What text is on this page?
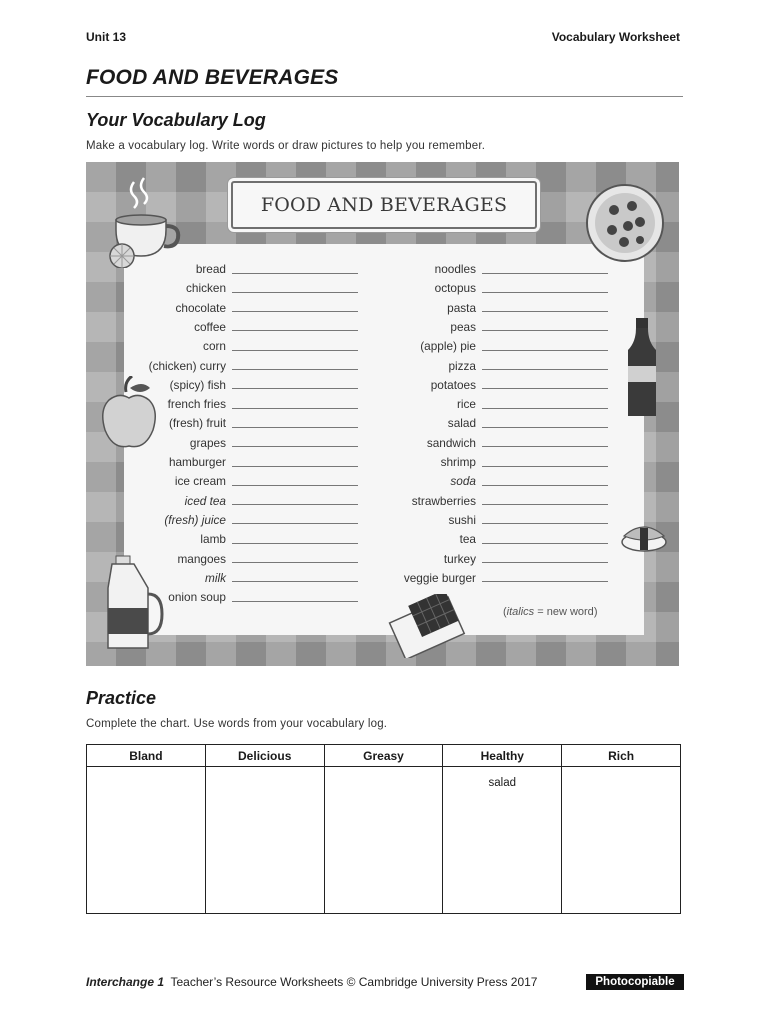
Unit 13	Vocabulary Worksheet
FOOD AND BEVERAGES
Your Vocabulary Log
Make a vocabulary log. Write words or draw pictures to help you remember.
FOOD AND BEVERAGES
bread
chicken
chocolate
coffee
corn
(chicken) curry
(spicy) fish
french fries
(fresh) fruit
grapes
hamburger
ice cream
iced tea
(fresh) juice
lamb
mangoes
milk
onion soup
noodles
octopus
pasta
peas
(apple) pie
pizza
potatoes
rice
salad
sandwich
shrimp
soda
strawberries
sushi
tea
turkey
veggie burger
(italics = new word)
Practice
Complete the chart. Use words from your vocabulary log.
Bland	Delicious	Greasy	Healthy	Rich
			salad	
Interchange 1 Teacher’s Resource Worksheets © Cambridge University Press 2017	Photocopiable
